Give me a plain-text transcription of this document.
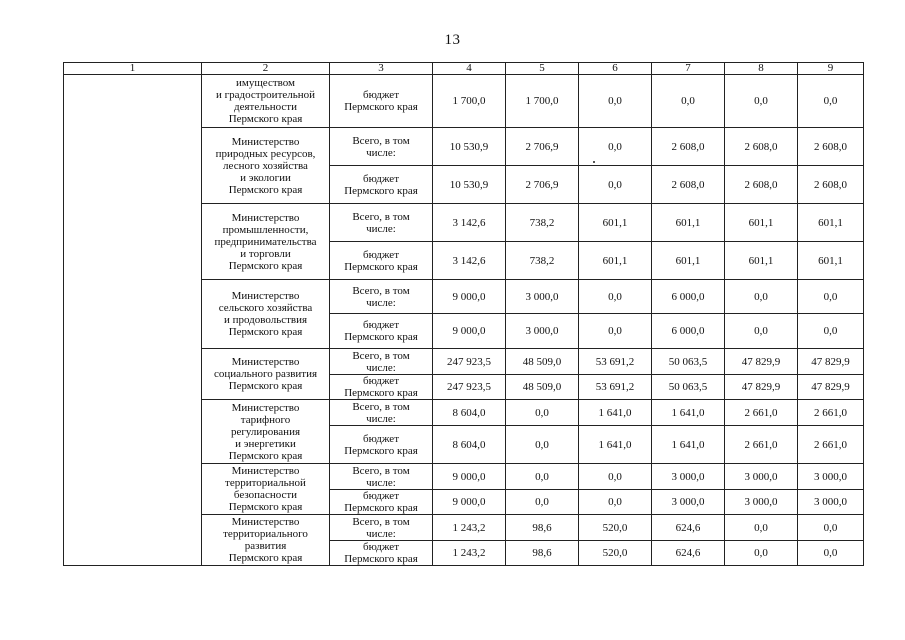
13
1	2	3	4	5	6	7	8	9
	имуществом
и градостроительной
деятельности
Пермского края	бюджет
Пермского края	1 700,0	1 700,0	0,0	0,0	0,0	0,0
	Министерство
природных ресурсов,
лесного хозяйства
и экологии
Пермского края	Всего, в том
числе:	10 530,9	2 706,9	0,0	2 608,0	2 608,0	2 608,0
		бюджет
Пермского края	10 530,9	2 706,9	0,0	2 608,0	2 608,0	2 608,0
	Министерство
промышленности,
предпринимательства
и торговли
Пермского края	Всего, в том
числе:	3 142,6	738,2	601,1	601,1	601,1	601,1
		бюджет
Пермского края	3 142,6	738,2	601,1	601,1	601,1	601,1
	Министерство
сельского хозяйства
и продовольствия
Пермского края	Всего, в том
числе:	9 000,0	3 000,0	0,0	6 000,0	0,0	0,0
		бюджет
Пермского края	9 000,0	3 000,0	0,0	6 000,0	0,0	0,0
	Министерство
социального развития
Пермского края	Всего, в том
числе:	247 923,5	48 509,0	53 691,2	50 063,5	47 829,9	47 829,9
		бюджет
Пермского края	247 923,5	48 509,0	53 691,2	50 063,5	47 829,9	47 829,9
	Министерство
тарифного
регулирования
и энергетики
Пермского края	Всего, в том
числе:	8 604,0	0,0	1 641,0	1 641,0	2 661,0	2 661,0
		бюджет
Пермского края	8 604,0	0,0	1 641,0	1 641,0	2 661,0	2 661,0
	Министерство
территориальной
безопасности
Пермского края	Всего, в том
числе:	9 000,0	0,0	0,0	3 000,0	3 000,0	3 000,0
		бюджет
Пермского края	9 000,0	0,0	0,0	3 000,0	3 000,0	3 000,0
	Министерство
территориального
развития
Пермского края	Всего, в том
числе:	1 243,2	98,6	520,0	624,6	0,0	0,0
		бюджет
Пермского края	1 243,2	98,6	520,0	624,6	0,0	0,0
